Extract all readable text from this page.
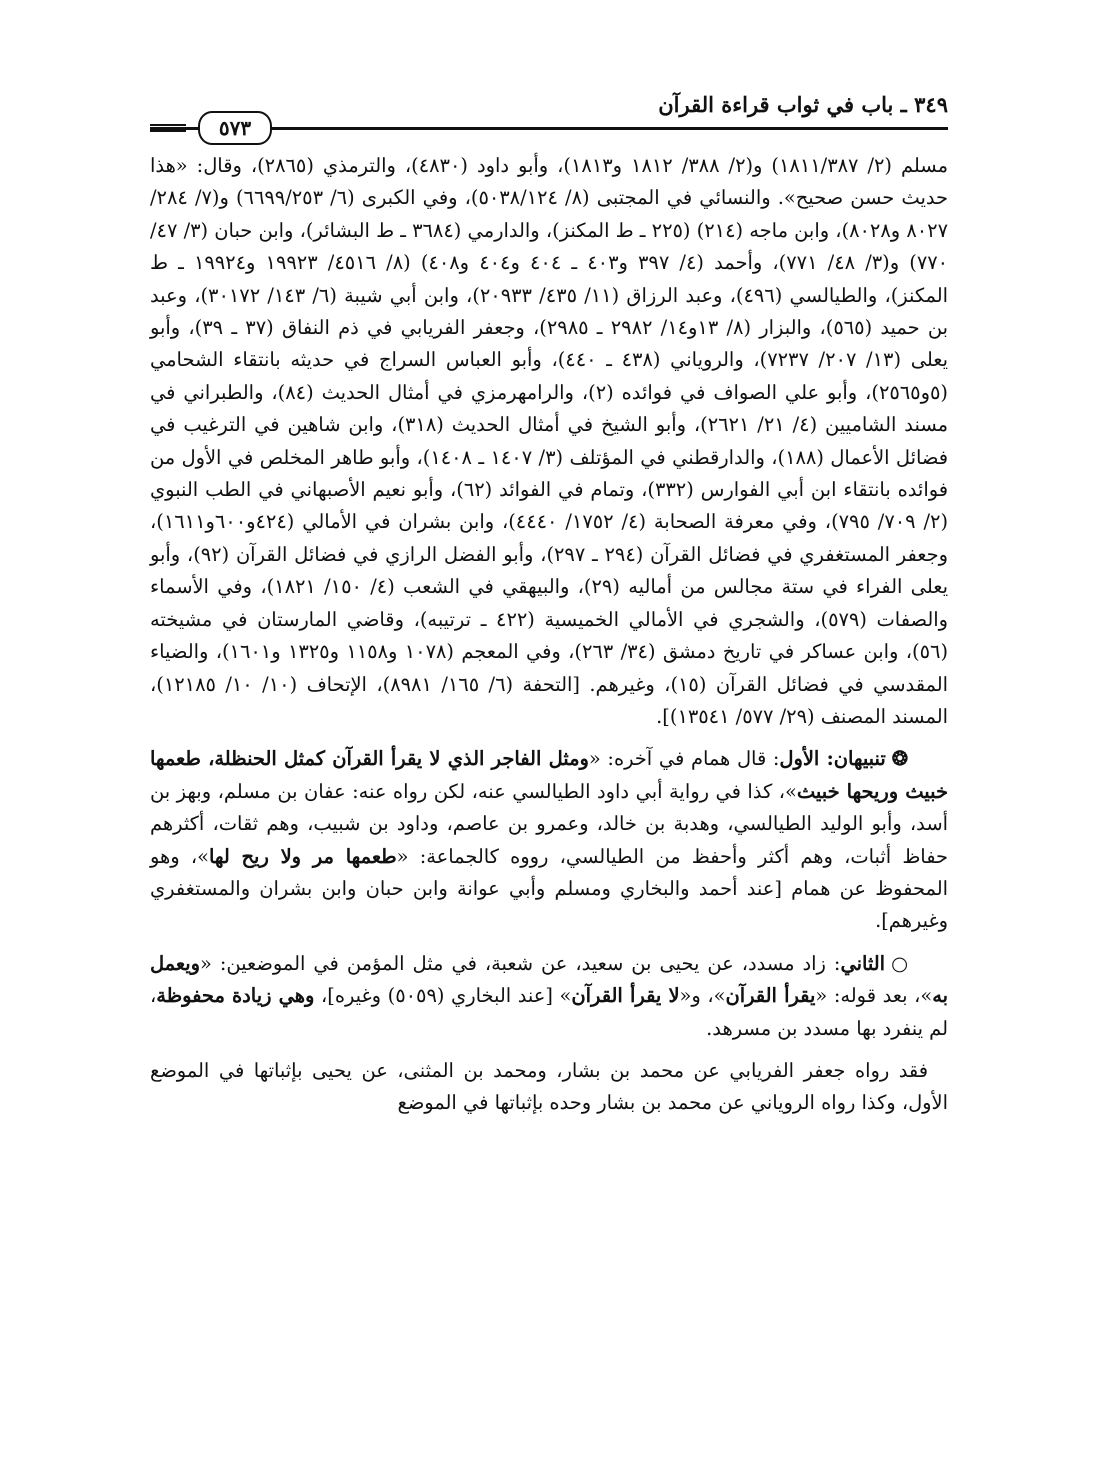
٣٤٩ ـ باب في ثواب قراءة القرآن
٥٧٣

مسلم (٢/ ١٨١١/٣٨٧) و(٢/ ٣٨٨/ ١٨١٢ و١٨١٣)، وأبو داود (٤٨٣٠)، والترمذي (٢٨٦٥)، وقال: «هذا حديث حسن صحيح». والنسائي في المجتبى (٨/ ٥٠٣٨/١٢٤)، وفي الكبرى (٦/ ٦٦٩٩/٢٥٣) و(٧/ ٢٨٤/ ٨٠٢٧ و٨٠٢٨)، وابن ماجه (٢١٤) (٢٢٥ ـ ط المكنز)، والدارمي (٣٦٨٤ ـ ط البشائر)، وابن حبان (٣/ ٤٧/ ٧٧٠) و(٣/ ٤٨/ ٧٧١)، وأحمد (٤/ ٣٩٧ و٤٠٣ ـ ٤٠٤ و٤٠٤ و٤٠٨) (٨/ ٤٥١٦/ ١٩٩٢٣ و١٩٩٢٤ ـ ط المكنز)، والطيالسي (٤٩٦)، وعبد الرزاق (١١/ ٤٣٥/ ٢٠٩٣٣)، وابن أبي شيبة (٦/ ١٤٣/ ٣٠١٧٢)، وعبد بن حميد (٥٦٥)، والبزار (٨/ ١٣و١٤/ ٢٩٨٢ ـ ٢٩٨٥)، وجعفر الفريابي في ذم النفاق (٣٧ ـ ٣٩)، وأبو يعلى (١٣/ ٢٠٧/ ٧٢٣٧)، والروياني (٤٣٨ ـ ٤٤٠)، وأبو العباس السراج في حديثه بانتقاء الشحامي (٥و٢٥٦٥)، وأبو علي الصواف في فوائده (٢)، والرامهرمزي في أمثال الحديث (٨٤)، والطبراني في مسند الشاميين (٤/ ٢١/ ٢٦٢١)، وأبو الشيخ في أمثال الحديث (٣١٨)، وابن شاهين في الترغيب في فضائل الأعمال (١٨٨)، والدارقطني في المؤتلف (٣/ ١٤٠٧ ـ ١٤٠٨)، وأبو طاهر المخلص في الأول من فوائده بانتقاء ابن أبي الفوارس (٣٣٢)، وتمام في الفوائد (٦٢)، وأبو نعيم الأصبهاني في الطب النبوي (٢/ ٧٠٩/ ٧٩٥)، وفي معرفة الصحابة (٤/ ١٧٥٢/ ٤٤٤٠)، وابن بشران في الأمالي (٤٢٤و٦٠٠و١٦١١)، وجعفر المستغفري في فضائل القرآن (٢٩٤ ـ ٢٩٧)، وأبو الفضل الرازي في فضائل القرآن (٩٢)، وأبو يعلى الفراء في ستة مجالس من أماليه (٢٩)، والبيهقي في الشعب (٤/ ١٥٠/ ١٨٢١)، وفي الأسماء والصفات (٥٧٩)، والشجري في الأمالي الخميسية (٤٢٢ ـ ترتيبه)، وقاضي المارستان في مشيخته (٥٦)، وابن عساكر في تاريخ دمشق (٣٤/ ٢٦٣)، وفي المعجم (١٠٧٨ و١١٥٨ و١٣٢٥ و١٦٠١)، والضياء المقدسي في فضائل القرآن (١٥)، وغيرهم. [التحفة (٦/ ١٦٥/ ٨٩٨١)، الإتحاف (١٠/ ١٠/ ١٢١٨٥)، المسند المصنف (٢٩/ ٥٧٧/ ١٣٥٤١)].

❂تنبيهان: الأول: قال همام في آخره: «ومثل الفاجر الذي لا يقرأ القرآن كمثل الحنظلة، طعمها خبيث وريحها خبيث»، كذا في رواية أبي داود الطيالسي عنه، لكن رواه عنه: عفان بن مسلم، وبهز بن أسد، وأبو الوليد الطيالسي، وهدبة بن خالد، وعمرو بن عاصم، وداود بن شبيب، وهم ثقات، أكثرهم حفاظ أثبات، وهم أكثر وأحفظ من الطيالسي، رووه كالجماعة: «طعمها مر ولا ريح لها»، وهو المحفوظ عن همام [عند أحمد والبخاري ومسلم وأبي عوانة وابن حبان وابن بشران والمستغفري وغيرهم].

○الثاني: زاد مسدد، عن يحيى بن سعيد، عن شعبة، في مثل المؤمن في الموضعين: «ويعمل به»، بعد قوله: «يقرأ القرآن»، و«لا يقرأ القرآن» [عند البخاري (٥٠٥٩) وغيره]، وهي زيادة محفوظة، لم ينفرد بها مسدد بن مسرهد.

فقد رواه جعفر الفريابي عن محمد بن بشار، ومحمد بن المثنى، عن يحيى بإثباتها في الموضع الأول، وكذا رواه الروياني عن محمد بن بشار وحده بإثباتها في الموضع
